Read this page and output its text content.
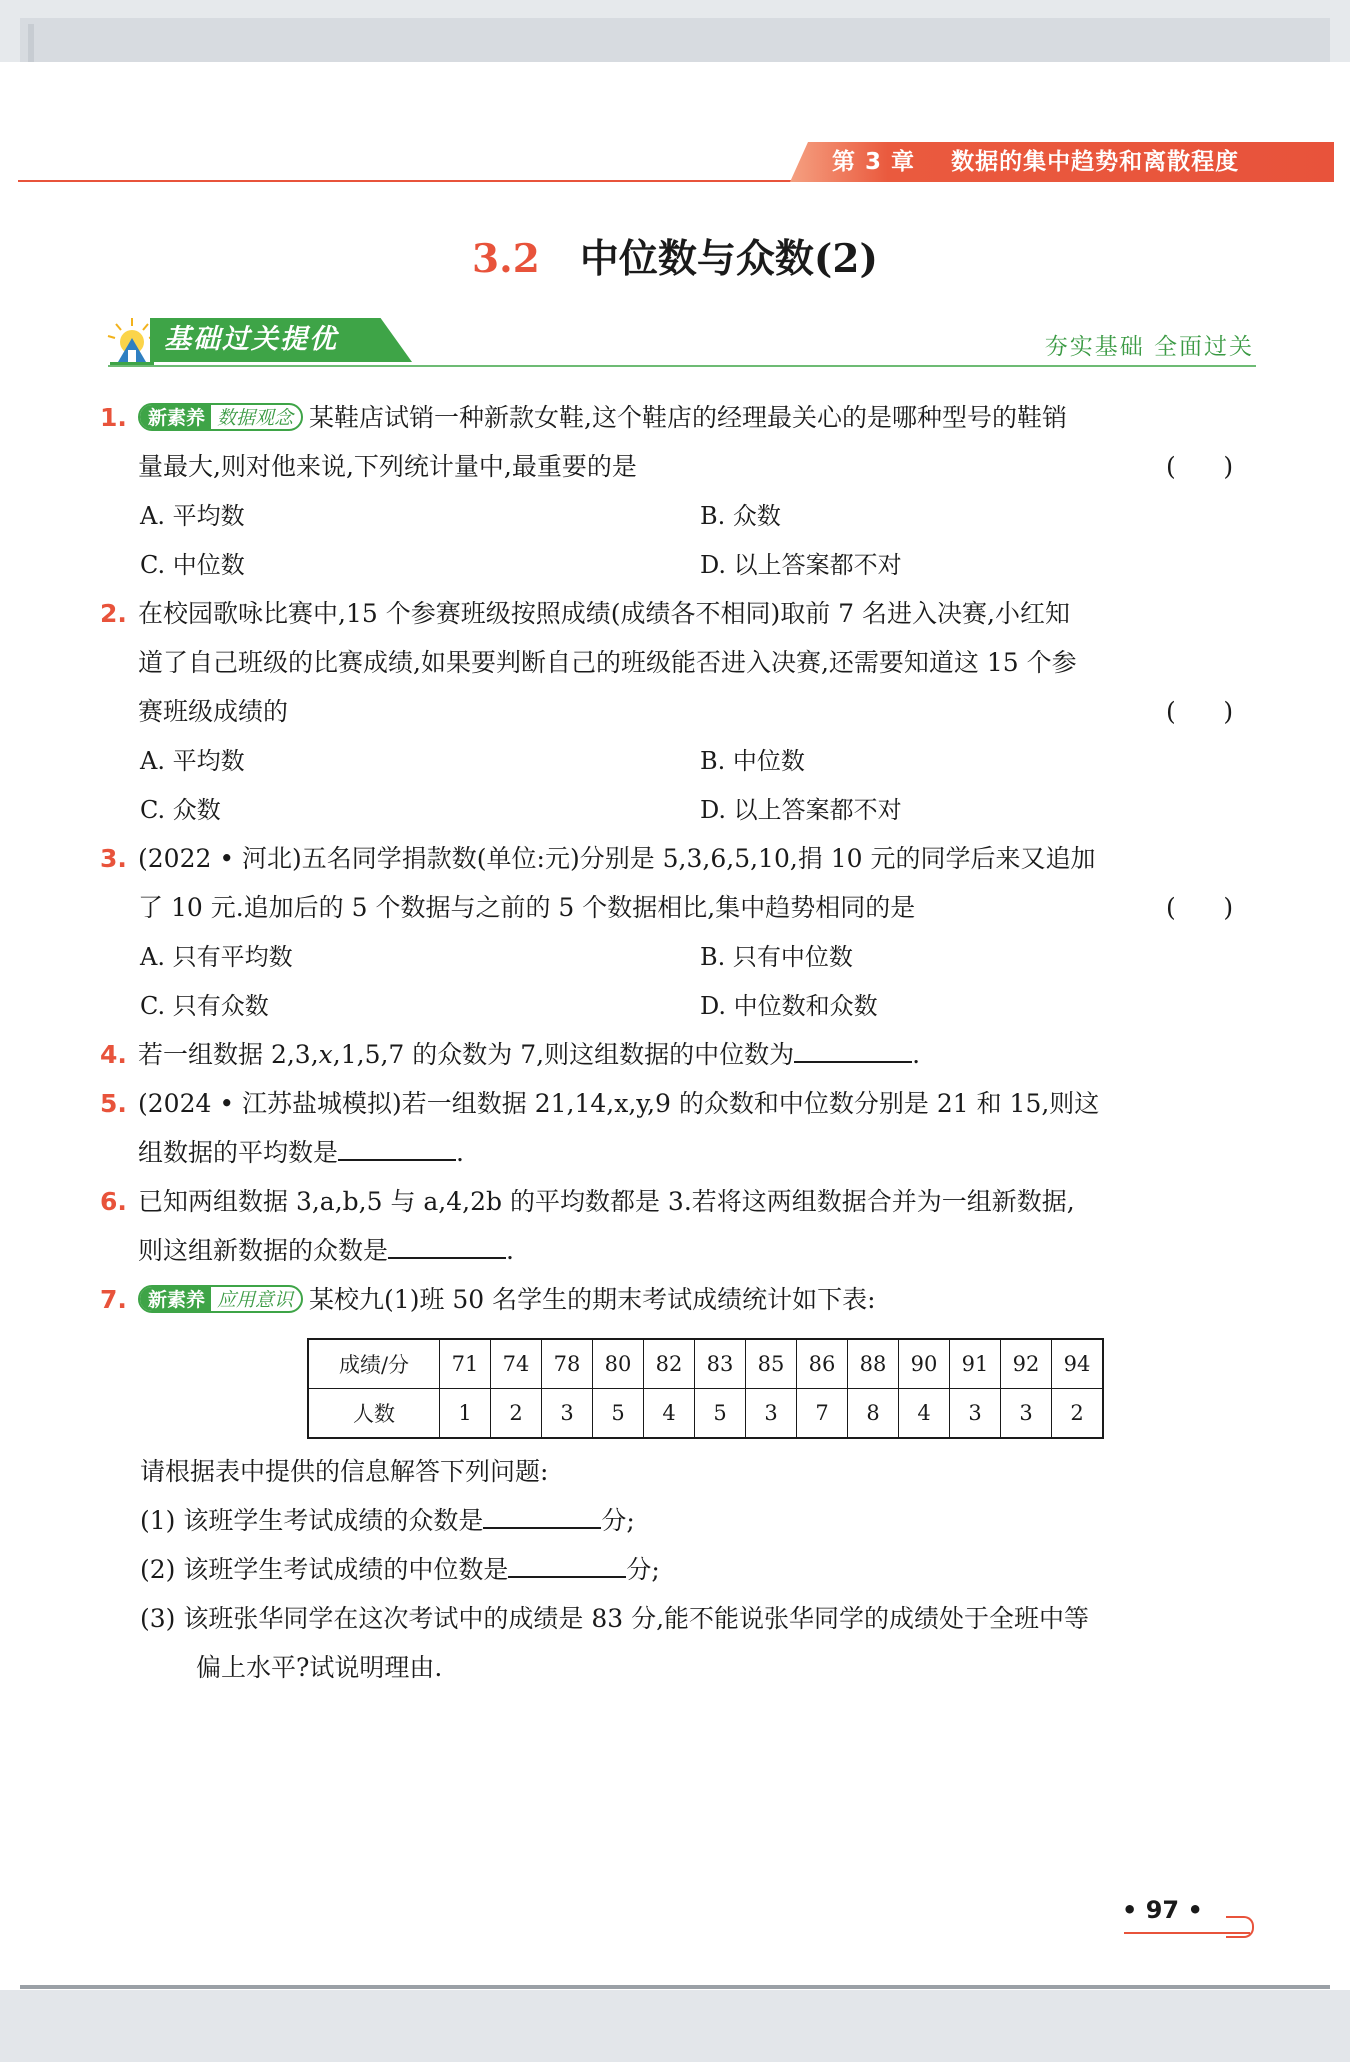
第 3 章 数据的集中趋势和离散程度
3.2 中位数与众数(2)
基础过关提优	夯实基础 全面过关
1.	新素养 数据观念 某鞋店试销一种新款女鞋,这个鞋店的经理最关心的是哪种型号的鞋销
量最大,则对他来说,下列统计量中,最重要的是	(      )
A. 平均数	B. 众数
C. 中位数	D. 以上答案都不对
2. 在校园歌咏比赛中,15 个参赛班级按照成绩(成绩各不相同)取前 7 名进入决赛,小红知
道了自己班级的比赛成绩,如果要判断自己的班级能否进入决赛,还需要知道这 15 个参
赛班级成绩的	(      )
A. 平均数	B. 中位数
C. 众数	D. 以上答案都不对
3. (2022 • 河北)五名同学捐款数(单位:元)分别是 5,3,6,5,10,捐 10 元的同学后来又追加
了 10 元.追加后的 5 个数据与之前的 5 个数据相比,集中趋势相同的是	(      )
A. 只有平均数	B. 只有中位数
C. 只有众数	D. 中位数和众数
4. 若一组数据 2,3,x,1,5,7 的众数为 7,则这组数据的中位数为	.
5. (2024 • 江苏盐城模拟)若一组数据 21,14,x,y,9 的众数和中位数分别是 21 和 15,则这
组数据的平均数是	.
6. 已知两组数据 3,a,b,5 与 a,4,2b 的平均数都是 3.若将这两组数据合并为一组新数据,
则这组新数据的众数是	.
7.	新素养 应用意识 某校九(1)班 50 名学生的期末考试成绩统计如下表:
成绩/分	71	74	78	80	82	83	85	86	88	90	91	92	94
人数	1	2	3	5	4	5	3	7	8	4	3	3	2
请根据表中提供的信息解答下列问题:
(1) 该班学生考试成绩的众数是	分;
(2) 该班学生考试成绩的中位数是	分;
(3) 该班张华同学在这次考试中的成绩是 83 分,能不能说张华同学的成绩处于全班中等
偏上水平?试说明理由.
• 97 •
